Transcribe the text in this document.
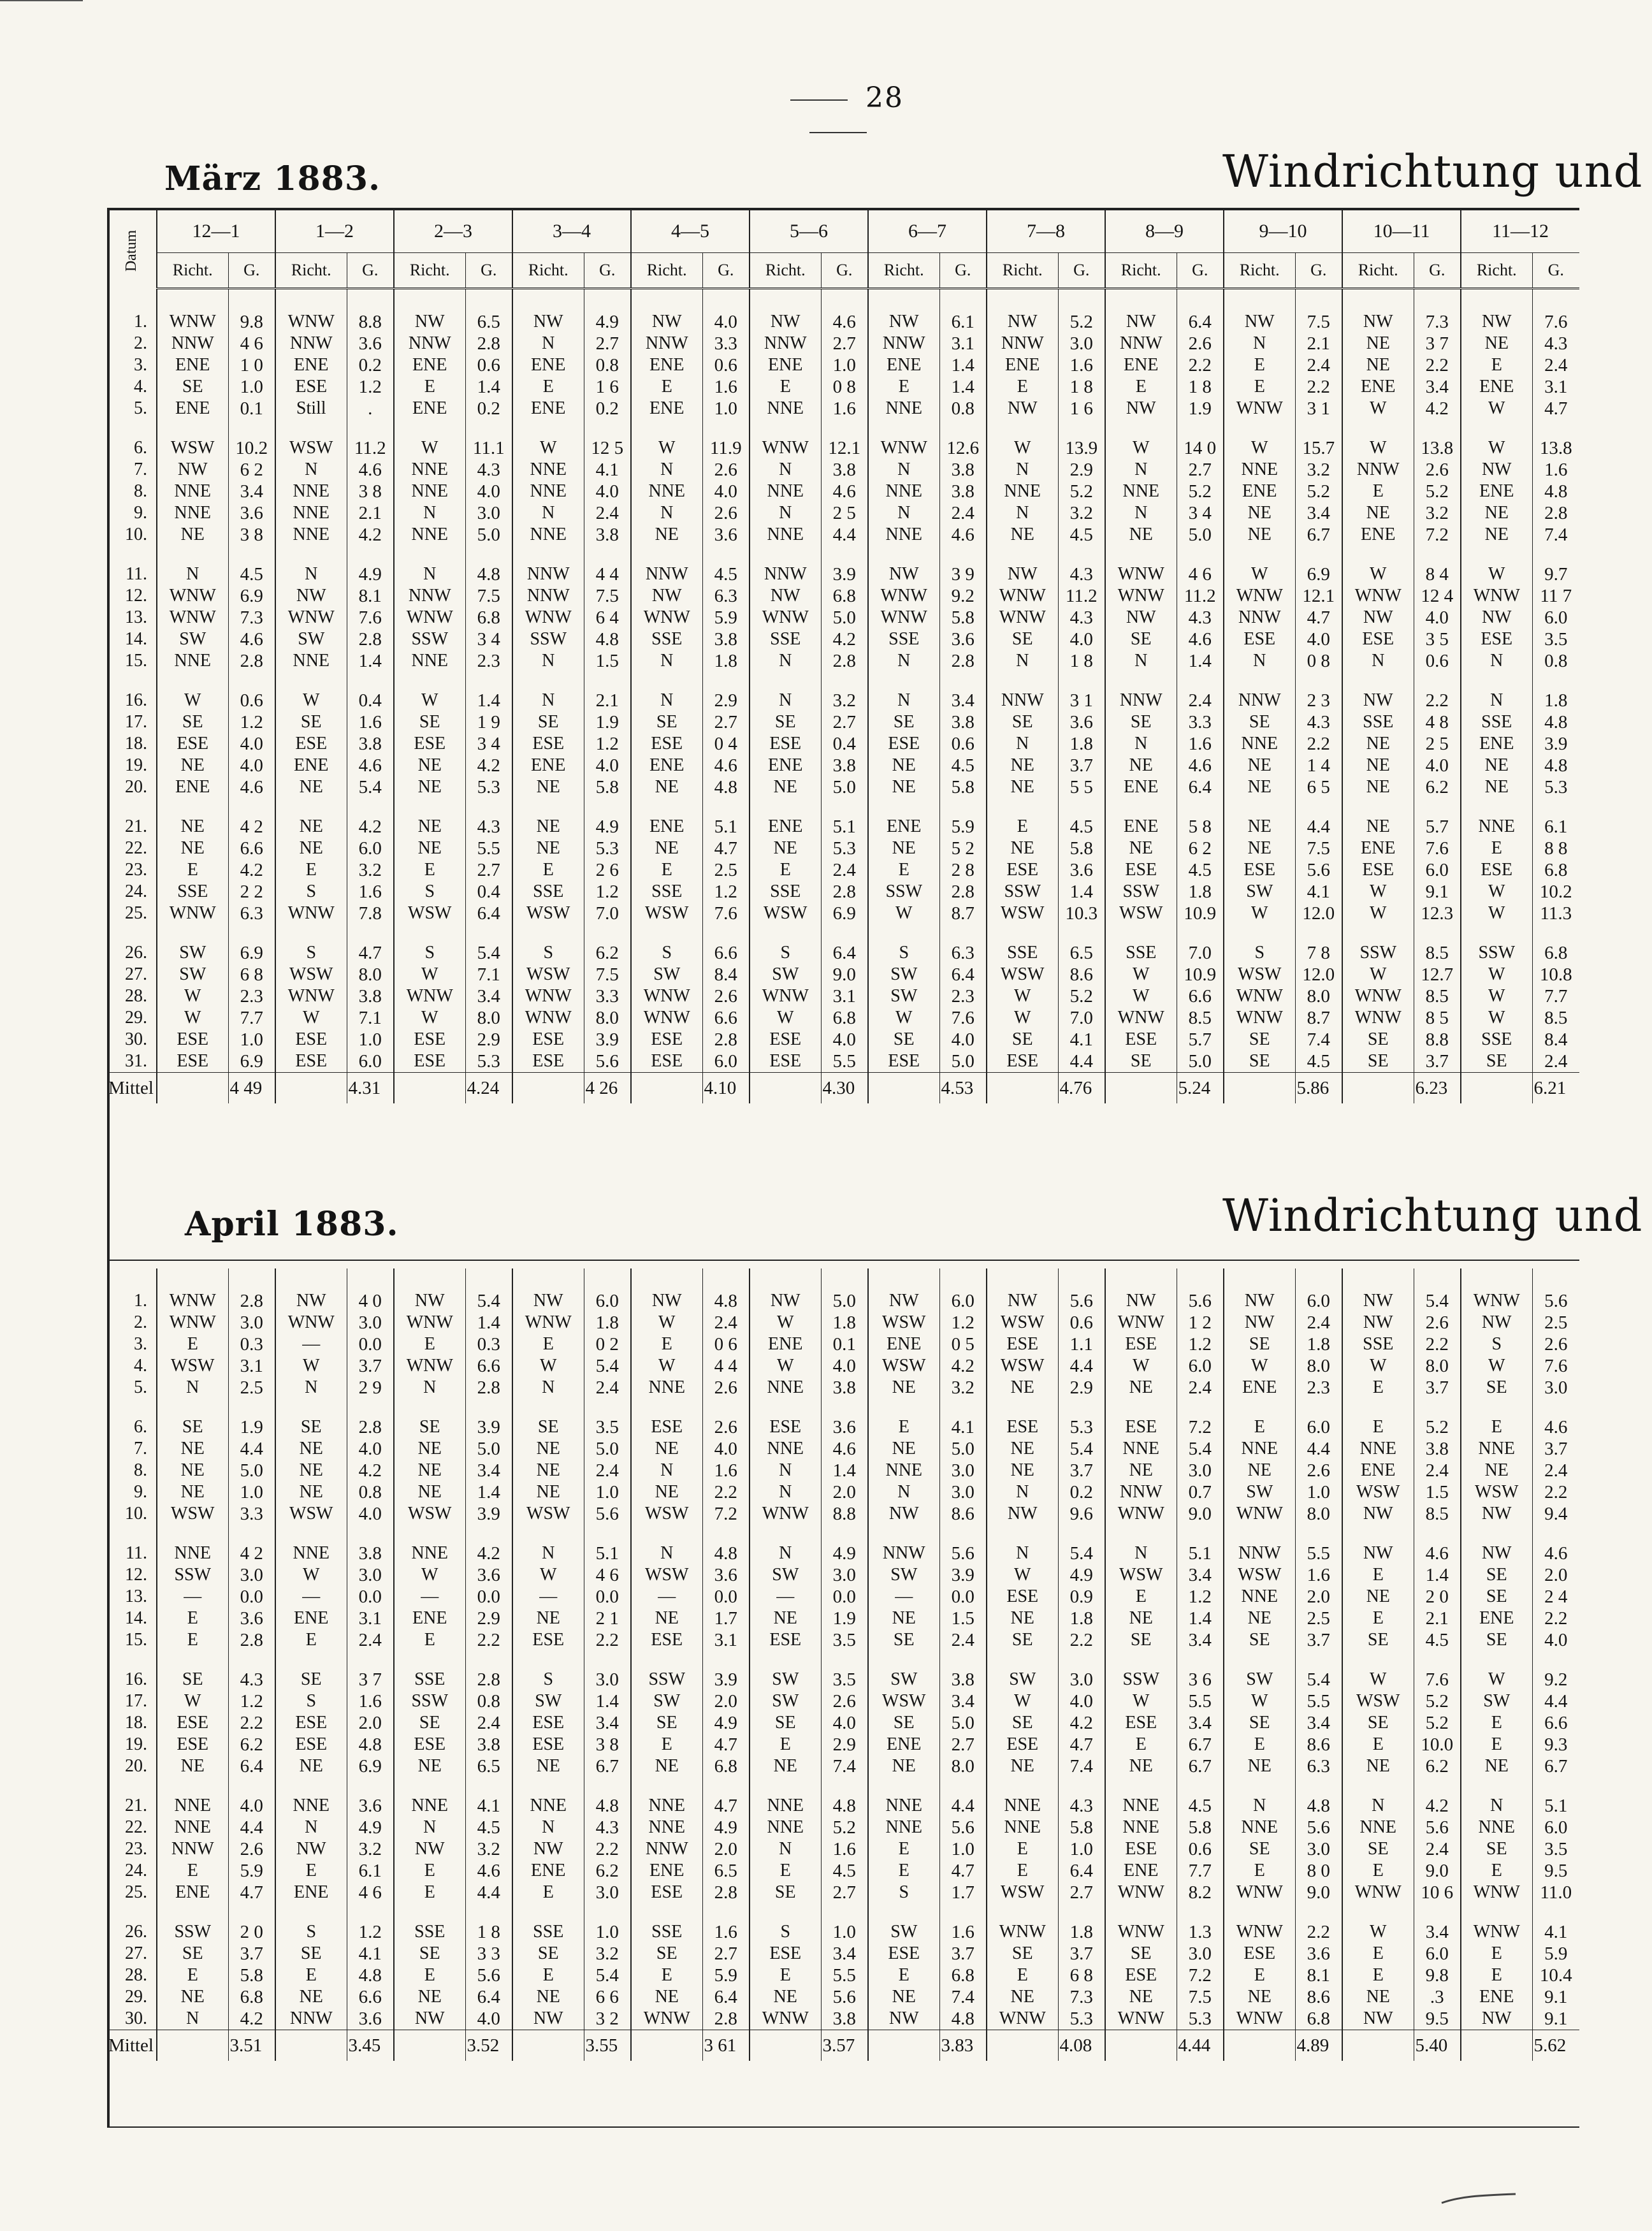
28
März 1883.	Windrichtung und
Datum	12—1		1—2		2—3		3—4		4—5		5—6		6—7		7—8		8—9		9—10		10—11		11—12	
	Richt.	G.	Richt.	G.	Richt.	G.	Richt.	G.	Richt.	G.	Richt.	G.	Richt.	G.	Richt.	G.	Richt.	G.	Richt.	G.	Richt.	G.	Richt.	G.

1.	WNW	9.8	WNW	8.8	NW	6.5	NW	4.9	NW	4.0	NW	4.6	NW	6.1	NW	5.2	NW	6.4	NW	7.5	NW	7.3	NW	7.6
2.	NNW	4 6	NNW	3.6	NNW	2.8	N	2.7	NNW	3.3	NNW	2.7	NNW	3.1	NNW	3.0	NNW	2.6	N	2.1	NE	3 7	NE	4.3
3.	ENE	1 0	ENE	0.2	ENE	0.6	ENE	0.8	ENE	0.6	ENE	1.0	ENE	1.4	ENE	1.6	ENE	2.2	E	2.4	NE	2.2	E	2.4
4.	SE	1.0	ESE	1.2	E	1.4	E	1 6	E	1.6	E	0 8	E	1.4	E	1 8	E	1 8	E	2.2	ENE	3.4	ENE	3.1
5.	ENE	0.1	Still	.	ENE	0.2	ENE	0.2	ENE	1.0	NNE	1.6	NNE	0.8	NW	1 6	NW	1.9	WNW	3 1	W	4.2	W	4.7

6.	WSW	10.2	WSW	11.2	W	11.1	W	12 5	W	11.9	WNW	12.1	WNW	12.6	W	13.9	W	14 0	W	15.7	W	13.8	W	13.8
7.	NW	6 2	N	4.6	NNE	4.3	NNE	4.1	N	2.6	N	3.8	N	3.8	N	2.9	N	2.7	NNE	3.2	NNW	2.6	NW	1.6
8.	NNE	3.4	NNE	3 8	NNE	4.0	NNE	4.0	NNE	4.0	NNE	4.6	NNE	3.8	NNE	5.2	NNE	5.2	ENE	5.2	E	5.2	ENE	4.8
9.	NNE	3.6	NNE	2.1	N	3.0	N	2.4	N	2.6	N	2 5	N	2.4	N	3.2	N	3 4	NE	3.4	NE	3.2	NE	2.8
10.	NE	3 8	NNE	4.2	NNE	5.0	NNE	3.8	NE	3.6	NNE	4.4	NNE	4.6	NE	4.5	NE	5.0	NE	6.7	ENE	7.2	NE	7.4

11.	N	4.5	N	4.9	N	4.8	NNW	4 4	NNW	4.5	NNW	3.9	NW	3 9	NW	4.3	WNW	4 6	W	6.9	W	8 4	W	9.7
12.	WNW	6.9	NW	8.1	NNW	7.5	NNW	7.5	NW	6.3	NW	6.8	WNW	9.2	WNW	11.2	WNW	11.2	WNW	12.1	WNW	12 4	WNW	11 7
13.	WNW	7.3	WNW	7.6	WNW	6.8	WNW	6 4	WNW	5.9	WNW	5.0	WNW	5.8	WNW	4.3	NW	4.3	NNW	4.7	NW	4.0	NW	6.0
14.	SW	4.6	SW	2.8	SSW	3 4	SSW	4.8	SSE	3.8	SSE	4.2	SSE	3.6	SE	4.0	SE	4.6	ESE	4.0	ESE	3 5	ESE	3.5
15.	NNE	2.8	NNE	1.4	NNE	2.3	N	1.5	N	1.8	N	2.8	N	2.8	N	1 8	N	1.4	N	0 8	N	0.6	N	0.8

16.	W	0.6	W	0.4	W	1.4	N	2.1	N	2.9	N	3.2	N	3.4	NNW	3 1	NNW	2.4	NNW	2 3	NW	2.2	N	1.8
17.	SE	1.2	SE	1.6	SE	1 9	SE	1.9	SE	2.7	SE	2.7	SE	3.8	SE	3.6	SE	3.3	SE	4.3	SSE	4 8	SSE	4.8
18.	ESE	4.0	ESE	3.8	ESE	3 4	ESE	1.2	ESE	0 4	ESE	0.4	ESE	0.6	N	1.8	N	1.6	NNE	2.2	NE	2 5	ENE	3.9
19.	NE	4.0	ENE	4.6	NE	4.2	ENE	4.0	ENE	4.6	ENE	3.8	NE	4.5	NE	3.7	NE	4.6	NE	1 4	NE	4.0	NE	4.8
20.	ENE	4.6	NE	5.4	NE	5.3	NE	5.8	NE	4.8	NE	5.0	NE	5.8	NE	5 5	ENE	6.4	NE	6 5	NE	6.2	NE	5.3

21.	NE	4 2	NE	4.2	NE	4.3	NE	4.9	ENE	5.1	ENE	5.1	ENE	5.9	E	4.5	ENE	5 8	NE	4.4	NE	5.7	NNE	6.1
22.	NE	6.6	NE	6.0	NE	5.5	NE	5.3	NE	4.7	NE	5.3	NE	5 2	NE	5.8	NE	6 2	NE	7.5	ENE	7.6	E	8 8
23.	E	4.2	E	3.2	E	2.7	E	2 6	E	2.5	E	2.4	E	2 8	ESE	3.6	ESE	4.5	ESE	5.6	ESE	6.0	ESE	6.8
24.	SSE	2 2	S	1.6	S	0.4	SSE	1.2	SSE	1.2	SSE	2.8	SSW	2.8	SSW	1.4	SSW	1.8	SW	4.1	W	9.1	W	10.2
25.	WNW	6.3	WNW	7.8	WSW	6.4	WSW	7.0	WSW	7.6	WSW	6.9	W	8.7	WSW	10.3	WSW	10.9	W	12.0	W	12.3	W	11.3

26.	SW	6.9	S	4.7	S	5.4	S	6.2	S	6.6	S	6.4	S	6.3	SSE	6.5	SSE	7.0	S	7 8	SSW	8.5	SSW	6.8
27.	SW	6 8	WSW	8.0	W	7.1	WSW	7.5	SW	8.4	SW	9.0	SW	6.4	WSW	8.6	W	10.9	WSW	12.0	W	12.7	W	10.8
28.	W	2.3	WNW	3.8	WNW	3.4	WNW	3.3	WNW	2.6	WNW	3.1	SW	2.3	W	5.2	W	6.6	WNW	8.0	WNW	8.5	W	7.7
29.	W	7.7	W	7.1	W	8.0	WNW	8.0	WNW	6.6	W	6.8	W	7.6	W	7.0	WNW	8.5	WNW	8.7	WNW	8 5	W	8.5
30.	ESE	1.0	ESE	1.0	ESE	2.9	ESE	3.9	ESE	2.8	ESE	4.0	SE	4.0	SE	4.1	ESE	5.7	SE	7.4	SE	8.8	SSE	8.4
31.	ESE	6.9	ESE	6.0	ESE	5.3	ESE	5.6	ESE	6.0	ESE	5.5	ESE	5.0	ESE	4.4	SE	5.0	SE	4.5	SE	3.7	SE	2.4
Mittel		4 49		4.31		4.24		4 26		4.10		4.30		4.53		4.76		5.24		5.86		6.23		6.21
April 1883.	Windrichtung und

1.	WNW	2.8	NW	4 0	NW	5.4	NW	6.0	NW	4.8	NW	5.0	NW	6.0	NW	5.6	NW	5.6	NW	6.0	NW	5.4	WNW	5.6
2.	WNW	3.0	WNW	3.0	WNW	1.4	WNW	1.8	W	2.4	W	1.8	WSW	1.2	WSW	0.6	WNW	1 2	NW	2.4	NW	2.6	NW	2.5
3.	E	0.3	—	0.0	E	0.3	E	0 2	E	0 6	ENE	0.1	ENE	0 5	ESE	1.1	ESE	1.2	SE	1.8	SSE	2.2	S	2.6
4.	WSW	3.1	W	3.7	WNW	6.6	W	5.4	W	4 4	W	4.0	WSW	4.2	WSW	4.4	W	6.0	W	8.0	W	8.0	W	7.6
5.	N	2.5	N	2 9	N	2.8	N	2.4	NNE	2.6	NNE	3.8	NE	3.2	NE	2.9	NE	2.4	ENE	2.3	E	3.7	SE	3.0

6.	SE	1.9	SE	2.8	SE	3.9	SE	3.5	ESE	2.6	ESE	3.6	E	4.1	ESE	5.3	ESE	7.2	E	6.0	E	5.2	E	4.6
7.	NE	4.4	NE	4.0	NE	5.0	NE	5.0	NE	4.0	NNE	4.6	NE	5.0	NE	5.4	NNE	5.4	NNE	4.4	NNE	3.8	NNE	3.7
8.	NE	5.0	NE	4.2	NE	3.4	NE	2.4	N	1.6	N	1.4	NNE	3.0	NE	3.7	NE	3.0	NE	2.6	ENE	2.4	NE	2.4
9.	NE	1.0	NE	0.8	NE	1.4	NE	1.0	NE	2.2	N	2.0	N	3.0	N	0.2	NNW	0.7	SW	1.0	WSW	1.5	WSW	2.2
10.	WSW	3.3	WSW	4.0	WSW	3.9	WSW	5.6	WSW	7.2	WNW	8.8	NW	8.6	NW	9.6	WNW	9.0	WNW	8.0	NW	8.5	NW	9.4

11.	NNE	4 2	NNE	3.8	NNE	4.2	N	5.1	N	4.8	N	4.9	NNW	5.6	N	5.4	N	5.1	NNW	5.5	NW	4.6	NW	4.6
12.	SSW	3.0	W	3.0	W	3.6	W	4 6	WSW	3.6	SW	3.0	SW	3.9	W	4.9	WSW	3.4	WSW	1.6	E	1.4	SE	2.0
13.	—	0.0	—	0.0	—	0.0	—	0.0	—	0.0	—	0.0	—	0.0	ESE	0.9	E	1.2	NNE	2.0	NE	2 0	SE	2 4
14.	E	3.6	ENE	3.1	ENE	2.9	NE	2 1	NE	1.7	NE	1.9	NE	1.5	NE	1.8	NE	1.4	NE	2.5	E	2.1	ENE	2.2
15.	E	2.8	E	2.4	E	2.2	ESE	2.2	ESE	3.1	ESE	3.5	SE	2.4	SE	2.2	SE	3.4	SE	3.7	SE	4.5	SE	4.0

16.	SE	4.3	SE	3 7	SSE	2.8	S	3.0	SSW	3.9	SW	3.5	SW	3.8	SW	3.0	SSW	3 6	SW	5.4	W	7.6	W	9.2
17.	W	1.2	S	1.6	SSW	0.8	SW	1.4	SW	2.0	SW	2.6	WSW	3.4	W	4.0	W	5.5	W	5.5	WSW	5.2	SW	4.4
18.	ESE	2.2	ESE	2.0	SE	2.4	ESE	3.4	SE	4.9	SE	4.0	SE	5.0	SE	4.2	ESE	3.4	SE	3.4	SE	5.2	E	6.6
19.	ESE	6.2	ESE	4.8	ESE	3.8	ESE	3 8	E	4.7	E	2.9	ENE	2.7	ESE	4.7	E	6.7	E	8.6	E	10.0	E	9.3
20.	NE	6.4	NE	6.9	NE	6.5	NE	6.7	NE	6.8	NE	7.4	NE	8.0	NE	7.4	NE	6.7	NE	6.3	NE	6.2	NE	6.7

21.	NNE	4.0	NNE	3.6	NNE	4.1	NNE	4.8	NNE	4.7	NNE	4.8	NNE	4.4	NNE	4.3	NNE	4.5	N	4.8	N	4.2	N	5.1
22.	NNE	4.4	N	4.9	N	4.5	N	4.3	NNE	4.9	NNE	5.2	NNE	5.6	NNE	5.8	NNE	5.8	NNE	5.6	NNE	5.6	NNE	6.0
23.	NNW	2.6	NW	3.2	NW	3.2	NW	2.2	NNW	2.0	N	1.6	E	1.0	E	1.0	ESE	0.6	SE	3.0	SE	2.4	SE	3.5
24.	E	5.9	E	6.1	E	4.6	ENE	6.2	ENE	6.5	E	4.5	E	4.7	E	6.4	ENE	7.7	E	8 0	E	9.0	E	9.5
25.	ENE	4.7	ENE	4 6	E	4.4	E	3.0	ESE	2.8	SE	2.7	S	1.7	WSW	2.7	WNW	8.2	WNW	9.0	WNW	10 6	WNW	11.0

26.	SSW	2 0	S	1.2	SSE	1 8	SSE	1.0	SSE	1.6	S	1.0	SW	1.6	WNW	1.8	WNW	1.3	WNW	2.2	W	3.4	WNW	4.1
27.	SE	3.7	SE	4.1	SE	3 3	SE	3.2	SE	2.7	ESE	3.4	ESE	3.7	SE	3.7	SE	3.0	ESE	3.6	E	6.0	E	5.9
28.	E	5.8	E	4.8	E	5.6	E	5.4	E	5.9	E	5.5	E	6.8	E	6 8	ESE	7.2	E	8.1	E	9.8	E	10.4
29.	NE	6.8	NE	6.6	NE	6.4	NE	6 6	NE	6.4	NE	5.6	NE	7.4	NE	7.3	NE	7.5	NE	8.6	NE	.3	ENE	9.1
30.	N	4.2	NNW	3.6	NW	4.0	NW	3 2	WNW	2.8	WNW	3.8	NW	4.8	WNW	5.3	WNW	5.3	WNW	6.8	NW	9.5	NW	9.1
Mittel		3.51		3.45		3.52		3.55		3 61		3.57		3.83		4.08		4.44		4.89		5.40		5.62
